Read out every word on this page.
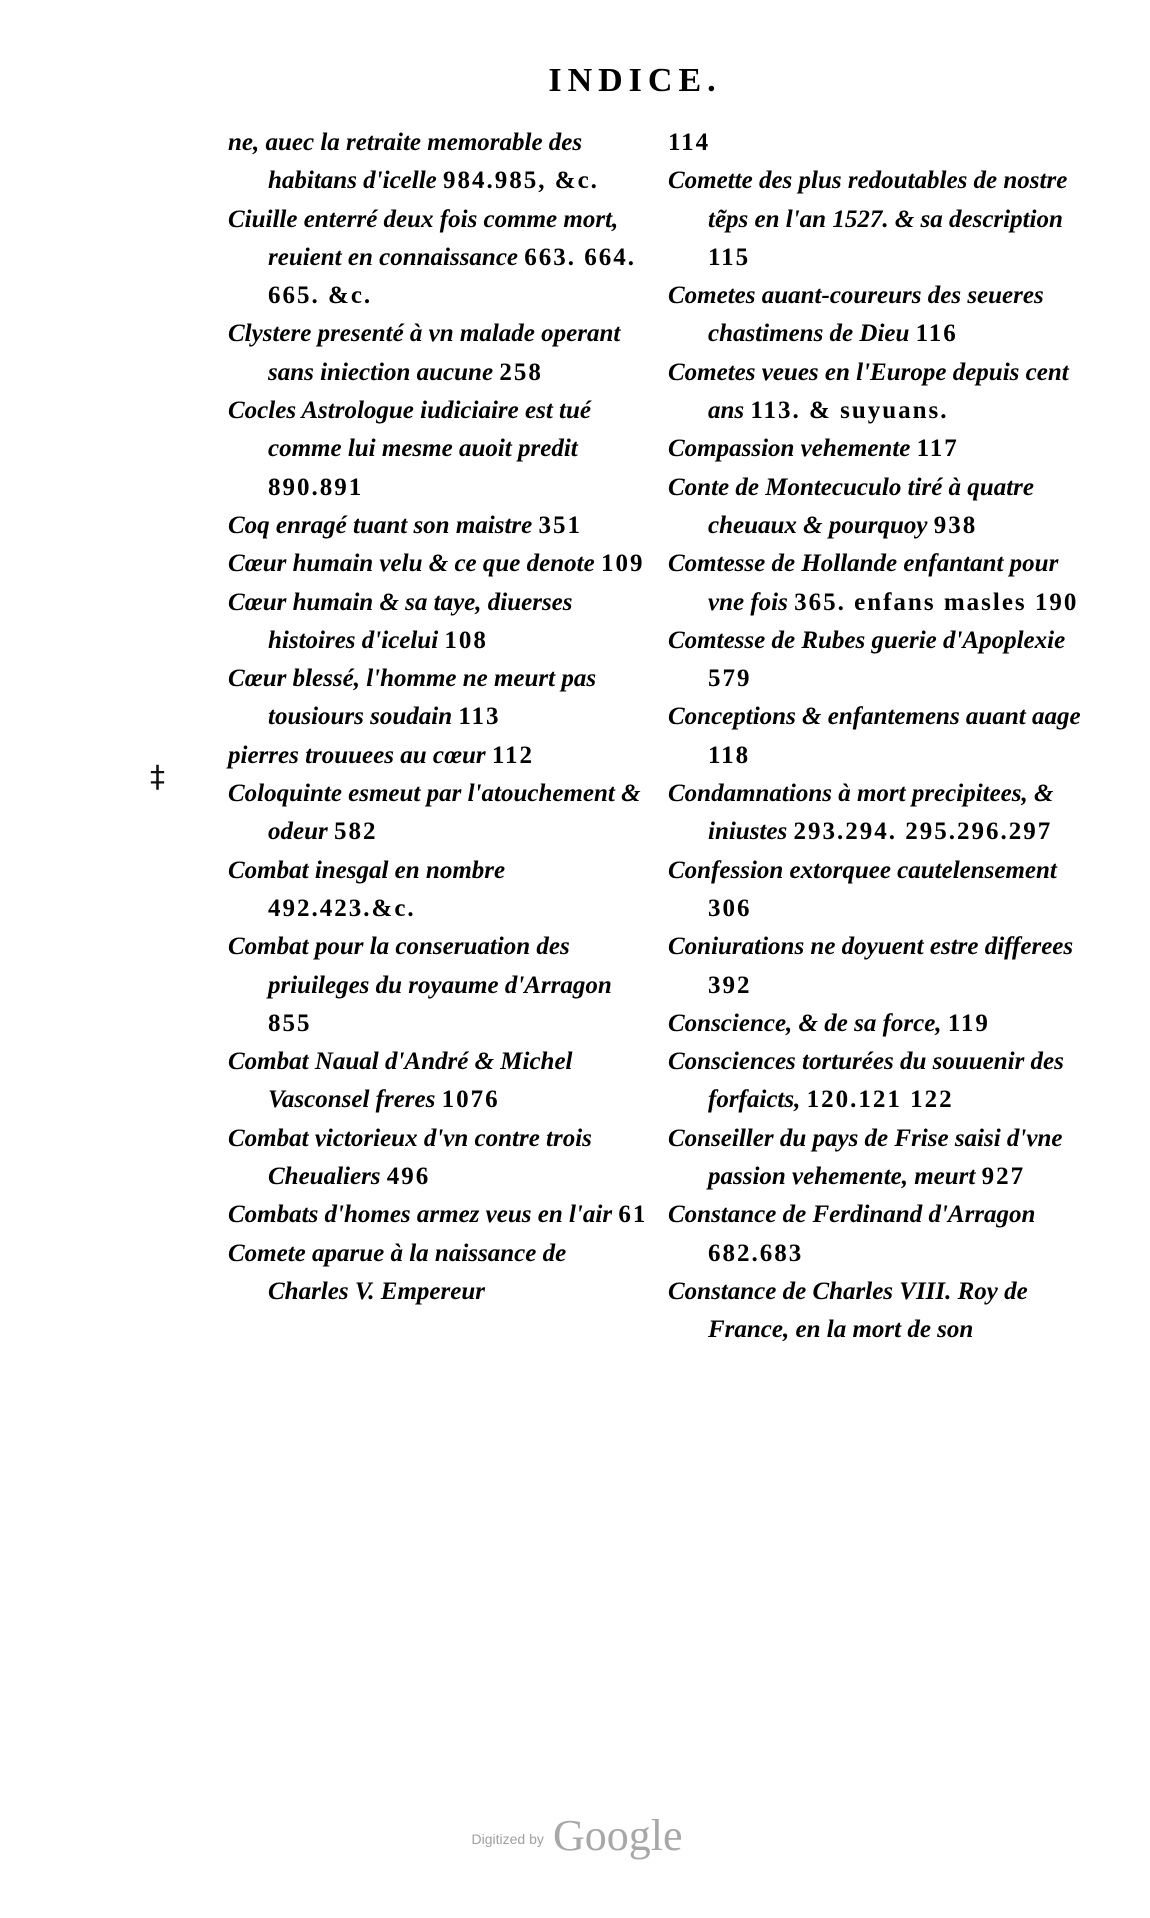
INDICE.

ne, auec la retraite memorable des habitans d'icelle 984.985, &c.

Ciuille enterré deux fois comme mort, reuient en connaissance 663. 664. 665. &c.

Clystere presenté à vn malade operant sans iniection aucune 258

Cocles Astrologue iudiciaire est tué comme lui mesme auoit predit 890.891

Coq enragé tuant son maistre 351

Cœur humain velu & ce que denote 109

Cœur humain & sa taye, diuerses histoires d'icelui 108

Cœur blessé, l'homme ne meurt pas tousiours soudain 113

pierres trouuees au cœur 112

Coloquinte esmeut par l'atouchement & odeur 582

Combat inesgal en nombre 492.423.&c.

Combat pour la conseruation des priuileges du royaume d'Arragon 855

Combat Naual d'André & Michel Vasconsel freres 1076

Combat victorieux d'vn contre trois Cheualiers 496

Combats d'homes armez veus en l'air 61

Comete aparue à la naissance de Charles V. Empereur

114

Comette des plus redoutables de nostre tẽps en l'an 1527. & sa description 115

Cometes auant-coureurs des seueres chastimens de Dieu 116

Cometes veues en l'Europe depuis cent ans 113. & suyuans.

Compassion vehemente 117

Conte de Montecuculo tiré à quatre cheuaux & pourquoy 938

Comtesse de Hollande enfantant pour vne fois 365. enfans masles 190

Comtesse de Rubes guerie d'Apoplexie 579

Conceptions & enfantemens auant aage 118

Condamnations à mort precipitees, & iniustes 293.294. 295.296.297

Confession extorquee cautelensement 306

Coniurations ne doyuent estre differees 392

Conscience, & de sa force, 119

Consciences torturées du souuenir des forfaicts, 120.121 122

Conseiller du pays de Frise saisi d'vne passion vehemente, meurt 927

Constance de Ferdinand d'Arragon 682.683

Constance de Charles VIII. Roy de France, en la mort de son

‡
Digitized by Google
